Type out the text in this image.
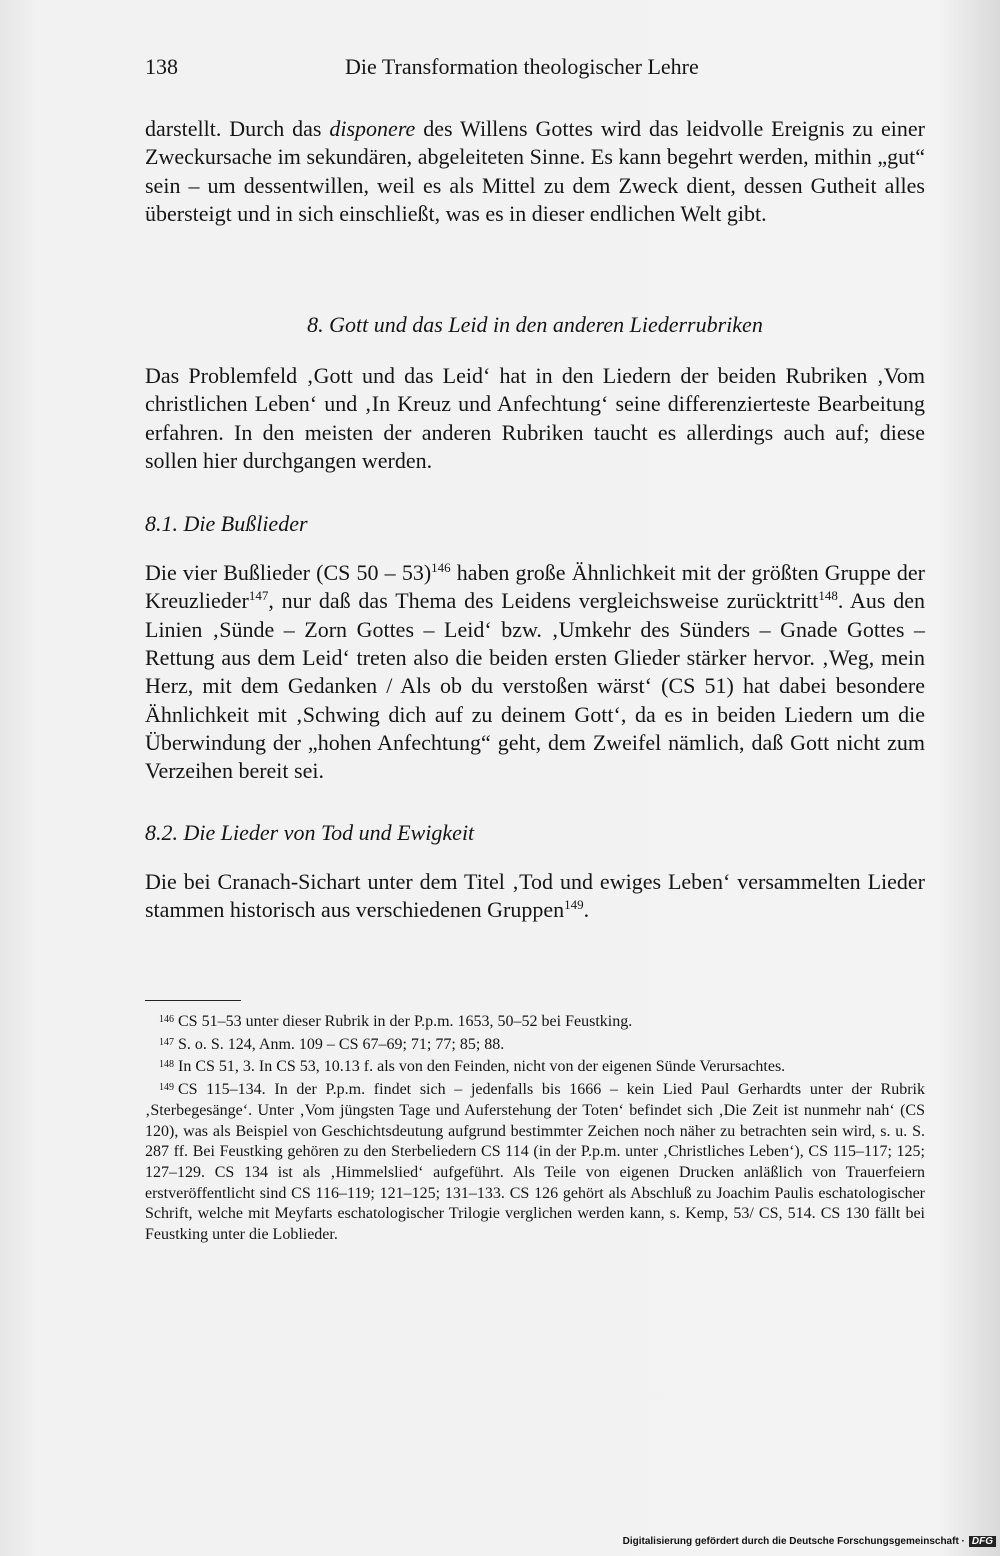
138	Die Transformation theologischer Lehre

darstellt. Durch das disponere des Willens Gottes wird das leidvolle Ereignis zu einer Zweckursache im sekundären, abgeleiteten Sinne. Es kann begehrt werden, mithin „gut“ sein – um dessentwillen, weil es als Mittel zu dem Zweck dient, dessen Gutheit alles übersteigt und in sich einschließt, was es in dieser endlichen Welt gibt.

8. Gott und das Leid in den anderen Liederrubriken

Das Problemfeld ‚Gott und das Leid‘ hat in den Liedern der beiden Rubriken ‚Vom christlichen Leben‘ und ‚In Kreuz und Anfechtung‘ seine differenzierteste Bearbeitung erfahren. In den meisten der anderen Rubriken taucht es allerdings auch auf; diese sollen hier durchgangen werden.

8.1. Die Bußlieder

Die vier Bußlieder (CS 50 – 53)$^{146}$ haben große Ähnlichkeit mit der größten Gruppe der Kreuzlieder$^{147}$, nur daß das Thema des Leidens vergleichsweise zurücktritt$^{148}$. Aus den Linien ‚Sünde – Zorn Gottes – Leid‘ bzw. ‚Umkehr des Sünders – Gnade Gottes – Rettung aus dem Leid‘ treten also die beiden ersten Glieder stärker hervor. ‚Weg, mein Herz, mit dem Gedanken / Als ob du verstoßen wärst‘ (CS 51) hat dabei besondere Ähnlichkeit mit ‚Schwing dich auf zu deinem Gott‘, da es in beiden Liedern um die Überwindung der „hohen Anfechtung“ geht, dem Zweifel nämlich, daß Gott nicht zum Verzeihen bereit sei.

8.2. Die Lieder von Tod und Ewigkeit

Die bei Cranach-Sichart unter dem Titel ‚Tod und ewiges Leben‘ versammelten Lieder stammen historisch aus verschiedenen Gruppen$^{149}$.

$^{146}$ CS 51–53 unter dieser Rubrik in der P.p.m. 1653, 50–52 bei Feustking.

$^{147}$ S. o. S. 124, Anm. 109 – CS 67–69; 71; 77; 85; 88.

$^{148}$ In CS 51, 3. In CS 53, 10.13 f. als von den Feinden, nicht von der eigenen Sünde Verursachtes.

$^{149}$ CS 115–134. In der P.p.m. findet sich – jedenfalls bis 1666 – kein Lied Paul Gerhardts unter der Rubrik ‚Sterbegesänge‘. Unter ‚Vom jüngsten Tage und Auferstehung der Toten‘ befindet sich ‚Die Zeit ist nunmehr nah‘ (CS 120), was als Beispiel von Geschichtsdeutung aufgrund bestimmter Zeichen noch näher zu betrachten sein wird, s. u. S. 287 ff. Bei Feustking gehören zu den Sterbeliedern CS 114 (in der P.p.m. unter ‚Christliches Leben‘), CS 115–117; 125; 127–129. CS 134 ist als ‚Himmelslied‘ aufgeführt. Als Teile von eigenen Drucken anläßlich von Trauerfeiern erstveröffentlicht sind CS 116–119; 121–125; 131–133. CS 126 gehört als Abschluß zu Joachim Paulis eschatologischer Schrift, welche mit Meyfarts eschatologischer Trilogie verglichen werden kann, s. Kemp, 53/ CS, 514. CS 130 fällt bei Feustking unter die Loblieder.

Digitalisierung gefördert durch die Deutsche Forschungsgemeinschaft · DFG
